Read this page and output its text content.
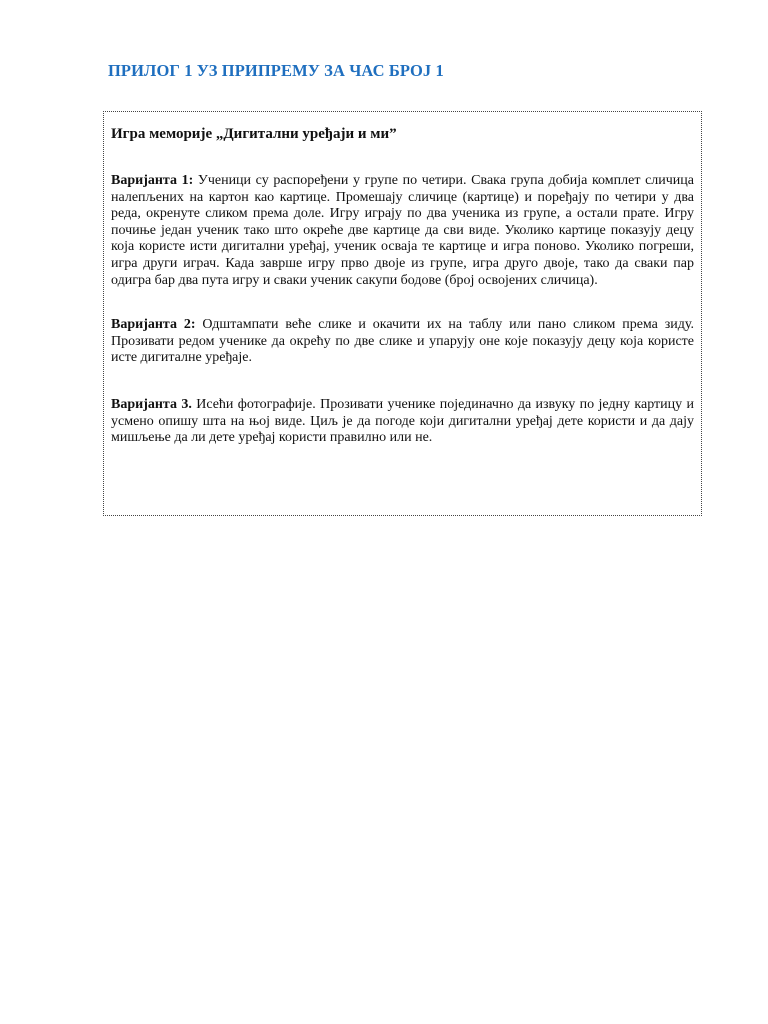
ПРИЛОГ 1 УЗ ПРИПРЕМУ ЗА ЧАС БРОЈ 1

Игра меморије „Дигитални уређаји и ми”

Варијанта 1: Ученици су распоређени у групе по четири. Свака група добија комплет сличица налепљених на картон као картице. Промешају сличице (картице) и поређају по четири у два реда, окренуте сликом према доле. Игру играју по два ученика из групе, а остали прате. Игру почиње један ученик тако што окреће две картице да сви виде. Уколико картице показују децу која користе исти дигитални уређај, ученик осваја те картице и игра поново. Уколико погреши, игра други играч. Када заврше игру прво двоје из групе, игра друго двоје, тако да сваки пар одигра бар два пута игру и сваки ученик сакупи бодове (број освојених сличица).

Варијанта 2: Одштампати веће слике и окачити их на таблу или пано сликом према зиду. Прозивати редом ученике да окрећу по две слике и упарују оне које показују децу која користе исте дигиталне уређаје.

Варијанта 3. Исећи фотографије. Прозивати ученике појединачно да извуку по једну картицу и усмено опишу шта на њој виде. Циљ је да погоде који дигитални уређај дете користи и да дају мишљење да ли дете уређај користи правилно или не.
